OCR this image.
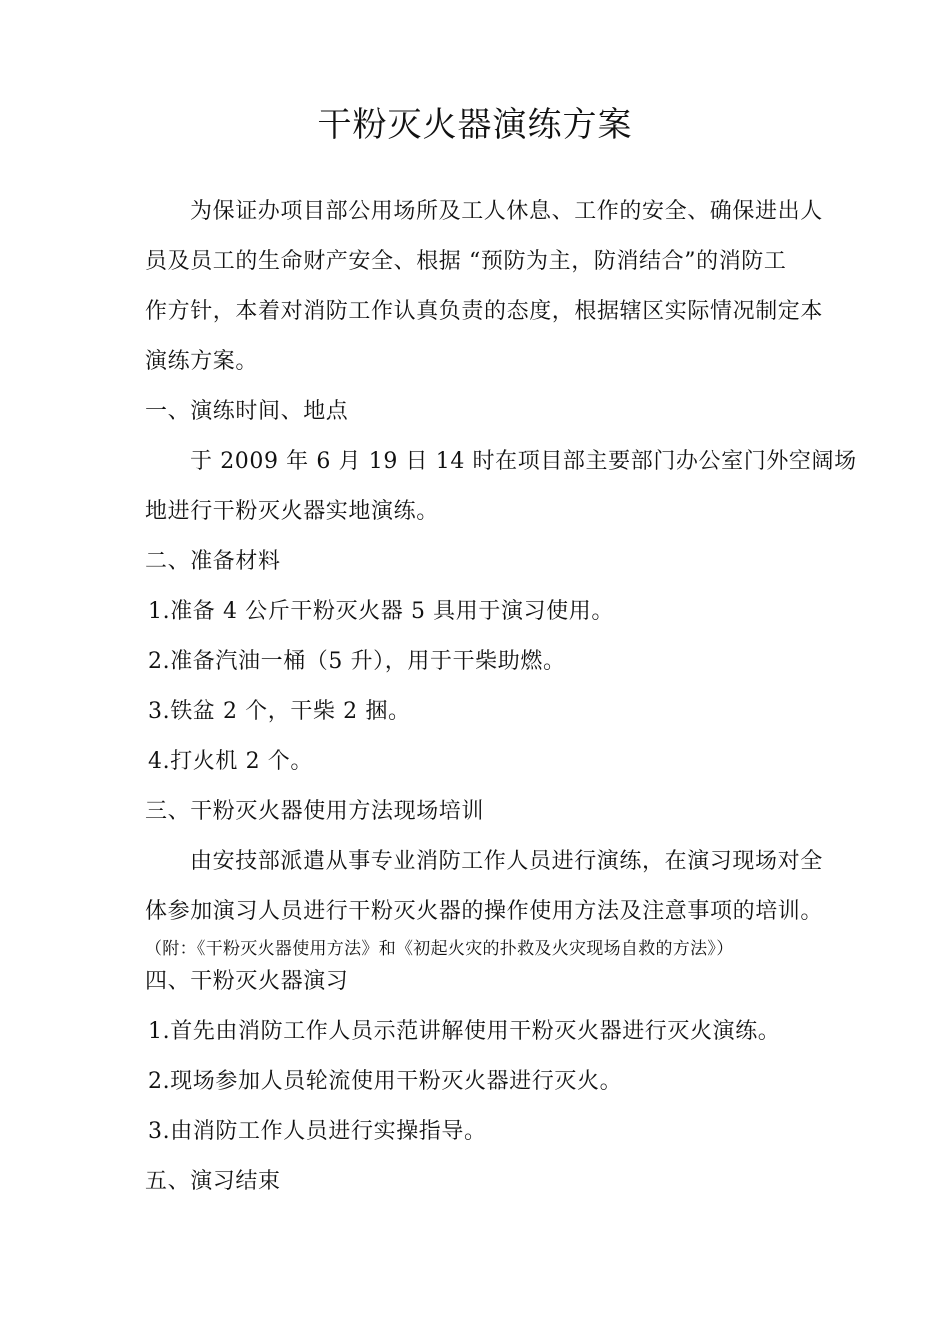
干粉灭火器演练方案
为保证办项目部公用场所及工人休息、工作的安全、确保进出人
员及员工的生命财产安全、根据 “预防为主，防消结合”的消防工
作方针，本着对消防工作认真负责的态度，根据辖区实际情况制定本
演练方案。
一、演练时间、地点
于 2009 年 6 月 19 日 14 时在项目部主要部门办公室门外空阔场
地进行干粉灭火器实地演练。
二、准备材料
1.准备 4 公斤干粉灭火器 5 具用于演习使用。
2.准备汽油一桶（5 升），用于干柴助燃。
3.铁盆 2 个，干柴 2 捆。
4.打火机 2 个。
三、干粉灭火器使用方法现场培训
由安技部派遣从事专业消防工作人员进行演练，在演习现场对全
体参加演习人员进行干粉灭火器的操作使用方法及注意事项的培训。
（附：《干粉灭火器使用方法》和《初起火灾的扑救及火灾现场自救的方法》）
四、干粉灭火器演习
1.首先由消防工作人员示范讲解使用干粉灭火器进行灭火演练。
2.现场参加人员轮流使用干粉灭火器进行灭火。
3.由消防工作人员进行实操指导。
五、演习结束
